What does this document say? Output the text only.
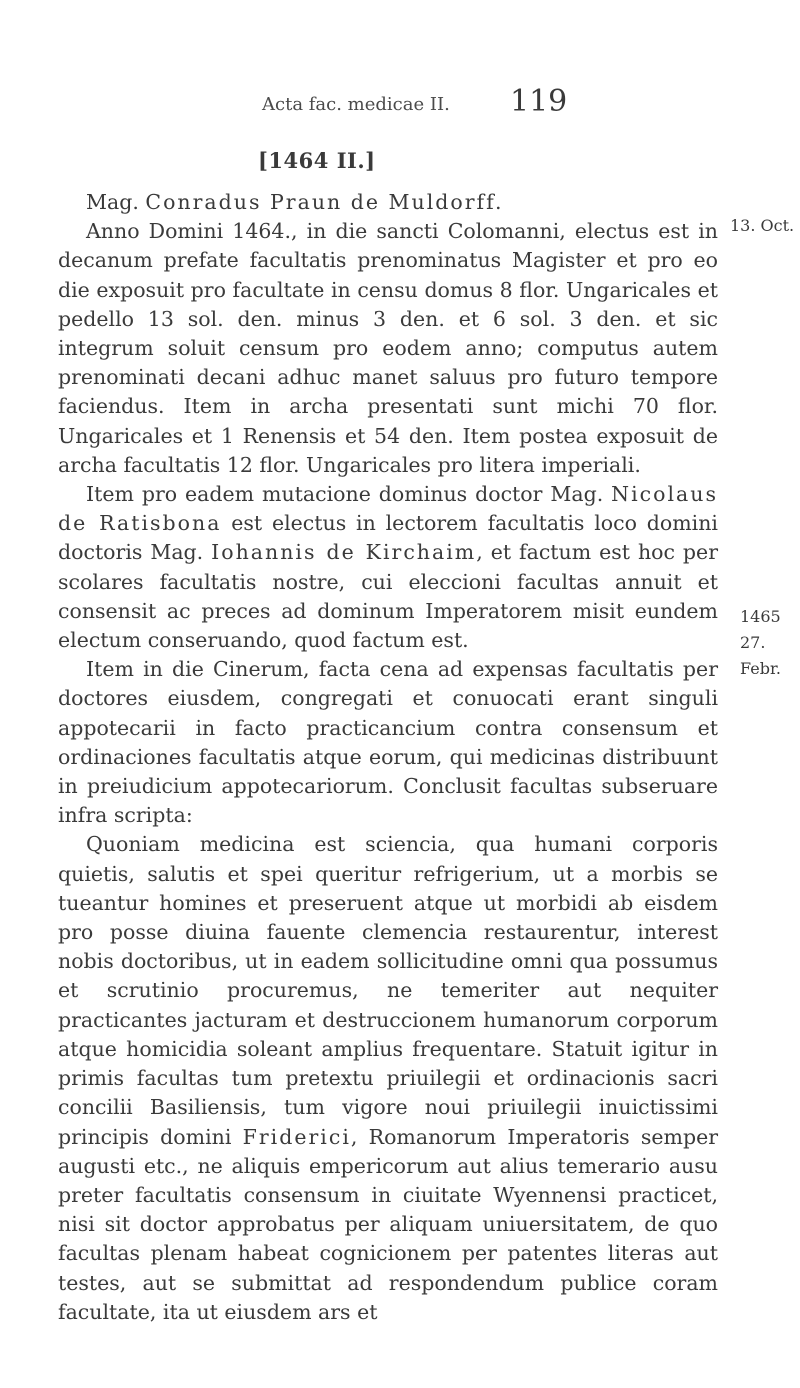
Acta fac. medicae II. 119
[1464 II.]
13. Oct.
1465
27. Febr.

Mag. Conradus Praun de Muldorff.

Anno Domini 1464., in die sancti Colomanni, electus est in decanum prefate facultatis prenominatus Magister et pro eo die exposuit pro facultate in censu domus 8 flor. Ungaricales et pedello 13 sol. den. minus 3 den. et 6 sol. 3 den. et sic integrum soluit censum pro eodem anno; computus autem prenominati decani adhuc manet saluus pro futuro tempore faciendus. Item in archa presentati sunt michi 70 flor. Ungaricales et 1 Renensis et 54 den. Item postea exposuit de archa facultatis 12 flor. Ungaricales pro litera imperiali.

Item pro eadem mutacione dominus doctor Mag. Nicolaus de Ratisbona est electus in lectorem facultatis loco domini doctoris Mag. Iohannis de Kirchaim, et factum est hoc per scolares facultatis nostre, cui eleccioni facultas annuit et consensit ac preces ad dominum Imperatorem misit eundem electum conseruando, quod factum est.

Item in die Cinerum, facta cena ad expensas facultatis per doctores eiusdem, congregati et conuocati erant singuli appotecarii in facto practicancium contra consensum et ordinaciones facultatis atque eorum, qui medicinas distribuunt in preiudicium appotecariorum. Conclusit facultas subseruare infra scripta:

Quoniam medicina est sciencia, qua humani corporis quietis, salutis et spei queritur refrigerium, ut a morbis se tueantur homines et preseruent atque ut morbidi ab eisdem pro posse diuina fauente clemencia restaurentur, interest nobis doctoribus, ut in eadem sollicitudine omni qua possumus et scrutinio procuremus, ne temeriter aut nequiter practicantes jacturam et destruccionem humanorum corporum atque homicidia soleant amplius frequentare. Statuit igitur in primis facultas tum pretextu priuilegii et ordinacionis sacri concilii Basiliensis, tum vigore noui priuilegii inuictissimi principis domini Friderici, Romanorum Imperatoris semper augusti etc., ne aliquis empericorum aut alius temerario ausu preter facultatis consensum in ciuitate Wyennensi practicet, nisi sit doctor approbatus per aliquam uniuersitatem, de quo facultas plenam habeat cognicionem per patentes literas aut testes, aut se submittat ad respondendum publice coram facultate, ita ut eiusdem ars et
